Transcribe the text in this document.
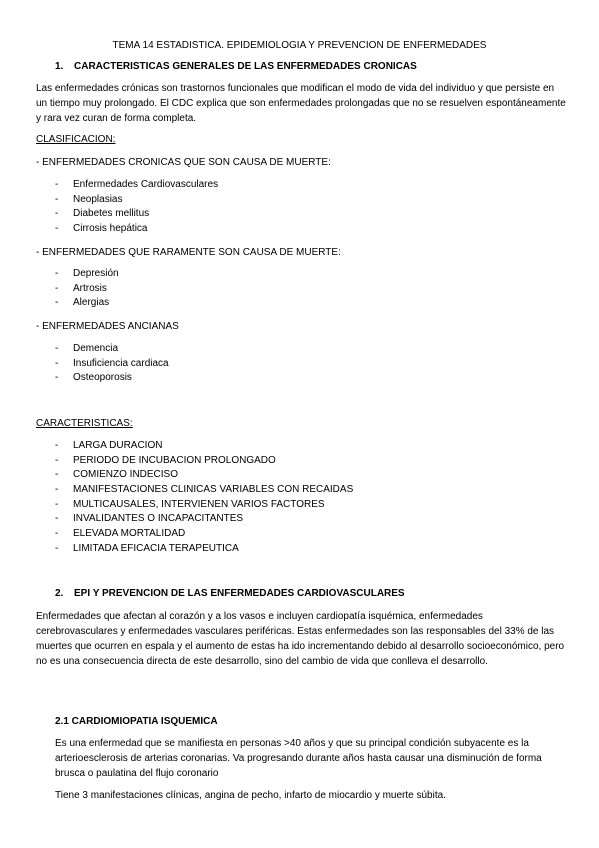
TEMA 14 ESTADISTICA. EPIDEMIOLOGIA Y PREVENCION DE ENFERMEDADES
1. CARACTERISTICAS GENERALES DE LAS ENFERMEDADES CRONICAS
Las enfermedades crónicas son trastornos funcionales que modifican el modo de vida del individuo y que persiste en un tiempo muy prolongado. El CDC explica que son enfermedades prolongadas que no se resuelven espontáneamente y rara vez curan de forma completa.
CLASIFICACION:
- ENFERMEDADES CRONICAS QUE SON CAUSA DE MUERTE:
- Enfermedades Cardiovasculares
- Neoplasias
- Diabetes mellitus
- Cirrosis hepática
- ENFERMEDADES QUE RARAMENTE SON CAUSA DE MUERTE:
- Depresión
- Artrosis
- Alergias
- ENFERMEDADES ANCIANAS
- Demencia
- Insuficiencia cardiaca
- Osteoporosis
CARACTERISTICAS:
- LARGA DURACION
- PERIODO DE INCUBACION PROLONGADO
- COMIENZO INDECISO
- MANIFESTACIONES CLINICAS VARIABLES CON RECAIDAS
- MULTICAUSALES, INTERVIENEN VARIOS FACTORES
- INVALIDANTES O INCAPACITANTES
- ELEVADA MORTALIDAD
- LIMITADA EFICACIA TERAPEUTICA
2. EPI Y PREVENCION DE LAS ENFERMEDADES CARDIOVASCULARES
Enfermedades que afectan al corazón y a los vasos e incluyen cardiopatía isquémica, enfermedades cerebrovasculares y enfermedades vasculares periféricas. Estas enfermedades son las responsables del 33% de las muertes que ocurren en espala y el aumento de estas ha ido incrementando debido al desarrollo socioeconómico, pero no es una consecuencia directa de este desarrollo, sino del cambio de vida que conlleva el desarrollo.
2.1 CARDIOMIOPATIA ISQUEMICA
Es una enfermedad que se manifiesta en personas >40 años y que su principal condición subyacente es la arterioesclerosis de arterias coronarias. Va progresando durante años hasta causar una disminución de forma brusca o paulatina del flujo coronario
Tiene 3 manifestaciones clínicas, angina de pecho, infarto de miocardio y muerte súbita.
